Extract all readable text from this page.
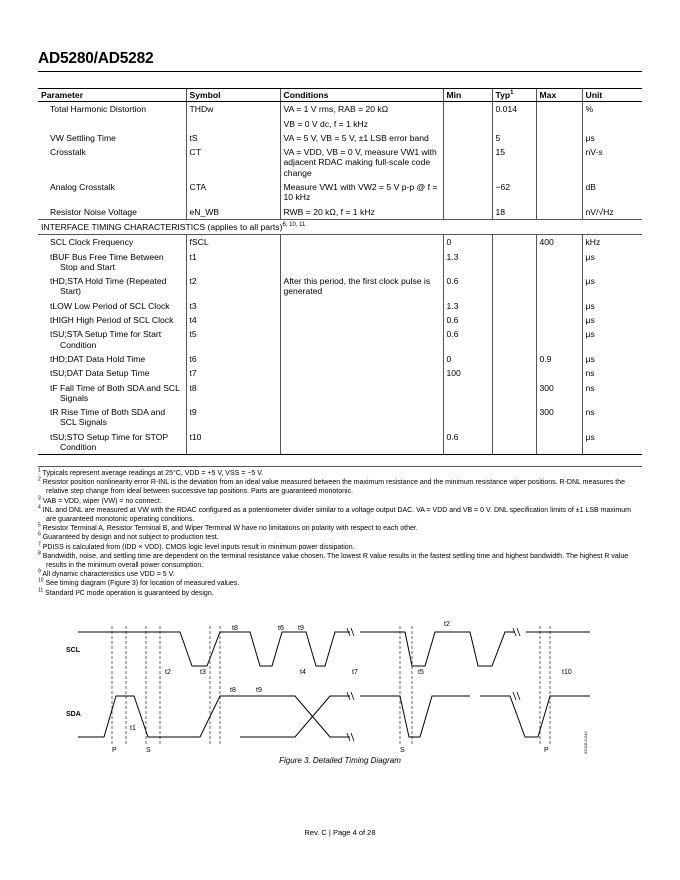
AD5280/AD5282
Parameter	Symbol	Conditions	Min	Typ$^1$	Max	Unit
Total Harmonic Distortion	THDw	VA = 1 V rms, RAB = 20 kΩ		0.014		%
		VB = 0 V dc, f = 1 kHz				
VW Settling Time	tS	VA = 5 V, VB = 5 V, ±1 LSB error band		5		μs
Crosstalk	CT	VA = VDD, VB = 0 V, measure VW1 with adjacent RDAC making full-scale code change		15		nV-s
Analog Crosstalk	CTA	Measure VW1 with VW2 = 5 V p-p @ f = 10 kHz		−62		dB
Resistor Noise Voltage	eN_WB	RWB = 20 kΩ, f = 1 kHz		18		nV/√Hz
INTERFACE TIMING CHARACTERISTICS (applies to all parts)$^{6, 10, 11}$
SCL Clock Frequency	fSCL		0		400	kHz
tBUF Bus Free Time Between Stop and Start	t1		1.3			μs
tHD;STA Hold Time (Repeated Start)	t2	After this period, the first clock pulse is generated	0.6			μs
tLOW Low Period of SCL Clock	t3		1.3			μs
tHIGH High Period of SCL Clock	t4		0.6			μs
tSU;STA Setup Time for Start Condition	t5		0.6			μs
tHD;DAT Data Hold Time	t6		0		0.9	μs
tSU;DAT Data Setup Time	t7		100			ns
tF Fall Time of Both SDA and SCL Signals	t8				300	ns
tR Rise Time of Both SDA and SCL Signals	t9				300	ns
tSU;STO Setup Time for STOP Condition	t10		0.6			μs

$^1$ Typicals represent average readings at 25°C, VDD = +5 V, VSS = −5 V.

$^2$ Resistor position nonlinearity error R-INL is the deviation from an ideal value measured between the maximum resistance and the minimum resistance wiper positions. R-DNL measures the relative step change from ideal between successive tap positions. Parts are guaranteed monotonic.

$^3$ VAB = VDD, wiper (VW) = no connect.

$^4$ INL and DNL are measured at VW with the RDAC configured as a potentiometer divider similar to a voltage output DAC. VA = VDD and VB = 0 V. DNL specification limits of ±1 LSB maximum are guaranteed monotonic operating conditions.

$^5$ Resistor Terminal A, Resistor Terminal B, and Wiper Terminal W have no limitations on polarity with respect to each other.

$^6$ Guaranteed by design and not subject to production test.

$^7$ PDISS is calculated from (IDD × VDD). CMOS logic level inputs result in minimum power dissipation.

$^8$ Bandwidth, noise, and settling time are dependent on the terminal resistance value chosen. The lowest R value results in the fastest settling time and highest bandwidth. The highest R value results in the minimum overall power consumption.

$^9$ All dynamic characteristics use VDD = 5 V.

$^{10}$ See timing diagram (Figure 3) for location of measured values.

$^{11}$ Standard I²C mode operation is guaranteed by design.

SCL
SDA
t2	t3
t8	t6 t9
t4	t7	t5
t2
t10
t1
t8	t9
P	S	S	P	02028-0-042
Figure 3. Detailed Timing Diagram
Rev. C | Page 4 of 28
